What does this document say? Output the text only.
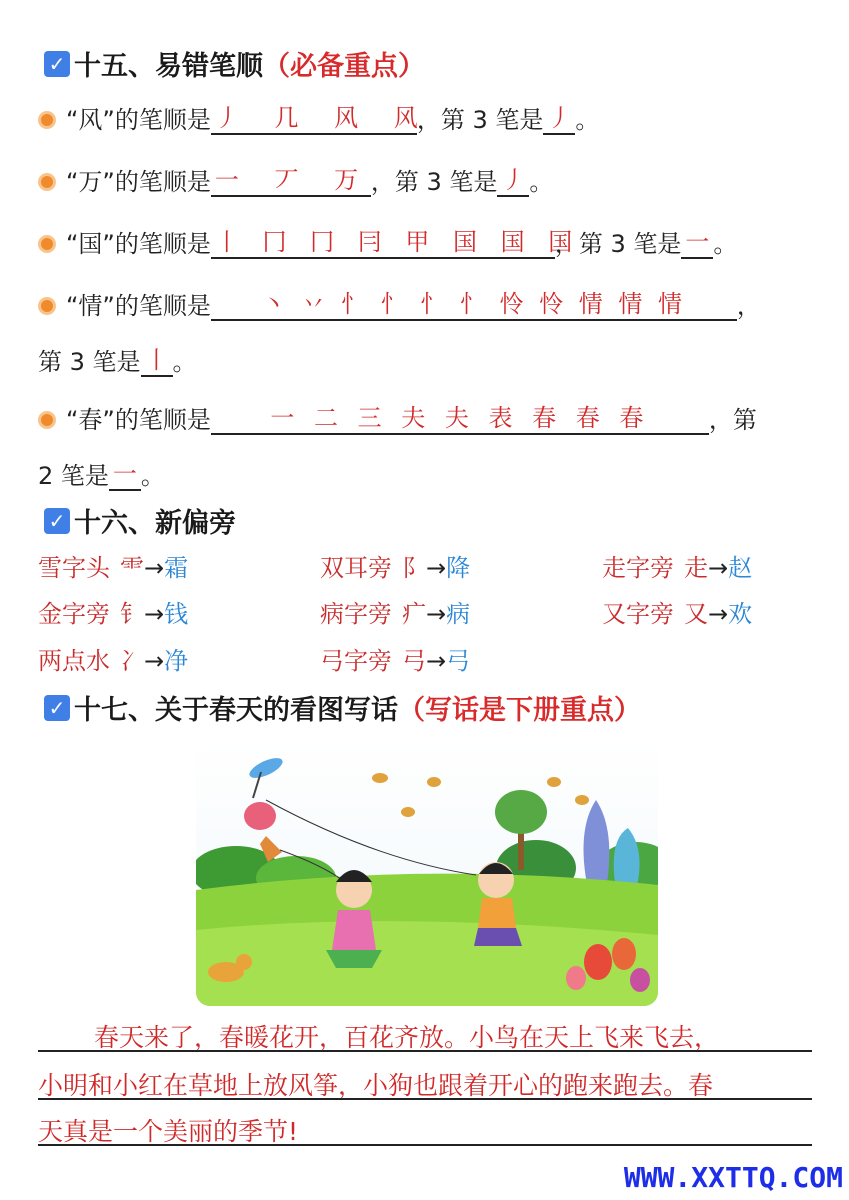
✓ 十五、易错笔顺 （必备重点）
“风”的笔顺是 丿 几 风 风
，第 3 笔是 丿 。
“万”的笔顺是 一 丆 万
，第 3 笔是 丿 。
“国”的笔顺是 丨 冂 冂 冃 甲 国 国 国
，第 3 笔是 一 。
“情”的笔顺是	丶 丷 忄 忄 忄 忄 怜 怜 情 情 情	，
第 3 笔是 丨 。
“春”的笔顺是	一 二 三 夫 夫 表 春 春 春	，第
2 笔是 一 。
✓ 十六、新偏旁
雪字头 ⻗→霜	双耳旁 阝→降	走字旁 走→赵
金字旁 钅→钱	病字旁 疒→病	又字旁 又→欢
两点水 冫→净	弓字旁 弓→弓
✓ 十七、关于春天的看图写话 （写话是下册重点）
春天来了，春暖花开，百花齐放。小鸟在天上飞来飞去，
小明和小红在草地上放风筝，小狗也跟着开心的跑来跑去。春
天真是一个美丽的季节!
WWW.XXTTQ.COM
